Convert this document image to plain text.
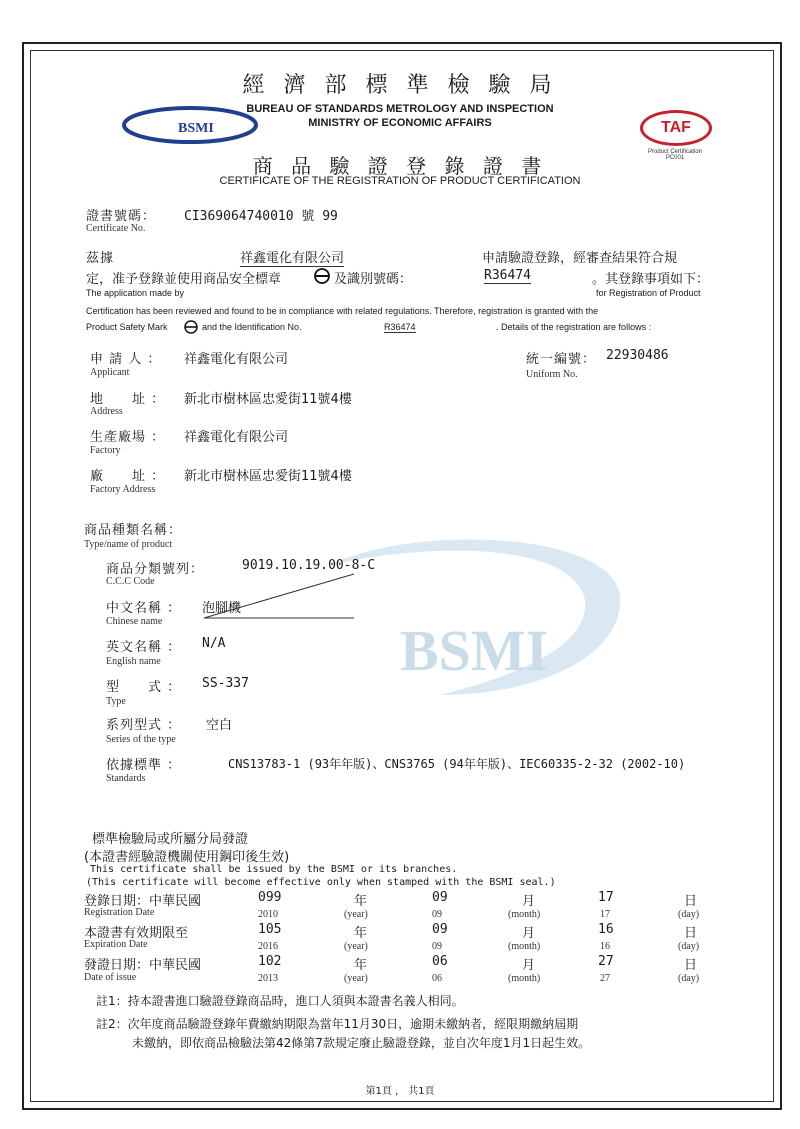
BSMI
BSMI	TAF
Product Certification
PC001
經 濟 部 標 準 檢 驗 局
BUREAU OF STANDARDS METROLOGY AND INSPECTION
MINISTRY OF ECONOMIC AFFAIRS
商 品 驗 證 登 錄 證 書
CERTIFICATE OF THE REGISTRATION OF PRODUCT CERTIFICATION
證書號碼： CI369064740010 號 99
Certificate No.
茲據	祥鑫電化有限公司	申請驗證登錄，經審查結果符合規
定，准予登錄並使用商品安全標章	及識別號碼：	R36474	。其登錄事項如下：
The application made by	for Registration of Product
Certification has been reviewed and found to be in compliance with related regulations. Therefore, registration is granted with the
Product Safety Mark	and the Identification No.	R36474	. Details of the registration are follows :
申 請 人 ： 祥鑫電化有限公司
Applicant
統一編號： 22930486
Uniform No.
地　　址 ： 新北市樹林區忠愛街11號4樓
Address
生產廠場 ： 祥鑫電化有限公司
Factory
廠　　址 ： 新北市樹林區忠愛街11號4樓
Factory Address
商品種類名稱：
Type/name of product
商品分類號列：	9019.10.19.00-8-C
C.C.C Code
中文名稱 ： 泡腳機
Chinese name
英文名稱 ： N/A
English name
型　　式 ： SS-337
Type
系列型式 ： 空白
Series of the type
依據標準 ：	CNS13783-1 (93年年版)、CNS3765 (94年年版)、IEC60335-2-32 (2002-10)
Standards
標準檢驗局或所屬分局發證
(本證書經驗證機關使用鋼印後生效)
This certificate shall be issued by the BSMI or its branches.
(This certificate will become effective only when stamped with the BSMI seal.)
登錄日期：中華民國	099	年	09	月	17	日
Registration Date	2010	(year)	09	(month)	17	(day)
本證書有效期限至	105	年	09	月	16	日
Expiration Date	2016	(year)	09	(month)	16	(day)
發證日期：中華民國	102	年	06	月	27	日
Date of issue	2013	(year)	06	(month)	27	(day)
註1：持本證書進口驗證登錄商品時，進口人須與本證書名義人相同。
註2：次年度商品驗證登錄年費繳納期限為當年11月30日，逾期未繳納者，經限期繳納屆期
未繳納，即依商品檢驗法第42條第7款規定廢止驗證登錄，並自次年度1月1日起生效。
第1頁 ， 共1頁
